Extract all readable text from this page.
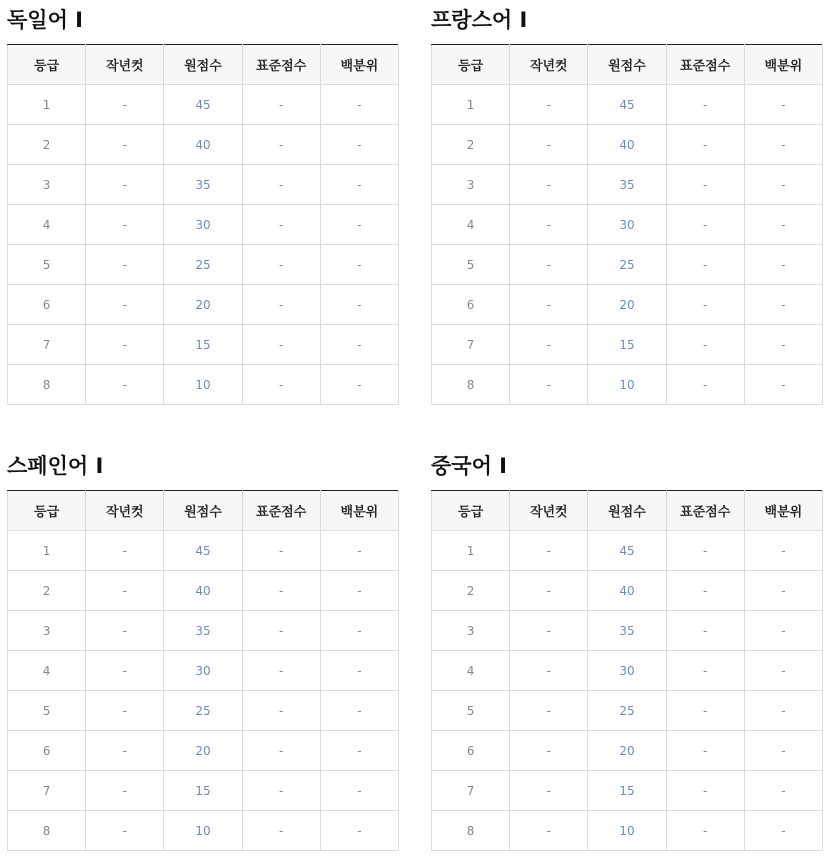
독일어 I
등급	작년컷	원점수	표준점수	백분위
1	-	45	-	-
2	-	40	-	-
3	-	35	-	-
4	-	30	-	-
5	-	25	-	-
6	-	20	-	-
7	-	15	-	-
8	-	10	-	-
프랑스어 I
등급	작년컷	원점수	표준점수	백분위
1	-	45	-	-
2	-	40	-	-
3	-	35	-	-
4	-	30	-	-
5	-	25	-	-
6	-	20	-	-
7	-	15	-	-
8	-	10	-	-
스페인어 I
등급	작년컷	원점수	표준점수	백분위
1	-	45	-	-
2	-	40	-	-
3	-	35	-	-
4	-	30	-	-
5	-	25	-	-
6	-	20	-	-
7	-	15	-	-
8	-	10	-	-
중국어 I
등급	작년컷	원점수	표준점수	백분위
1	-	45	-	-
2	-	40	-	-
3	-	35	-	-
4	-	30	-	-
5	-	25	-	-
6	-	20	-	-
7	-	15	-	-
8	-	10	-	-
